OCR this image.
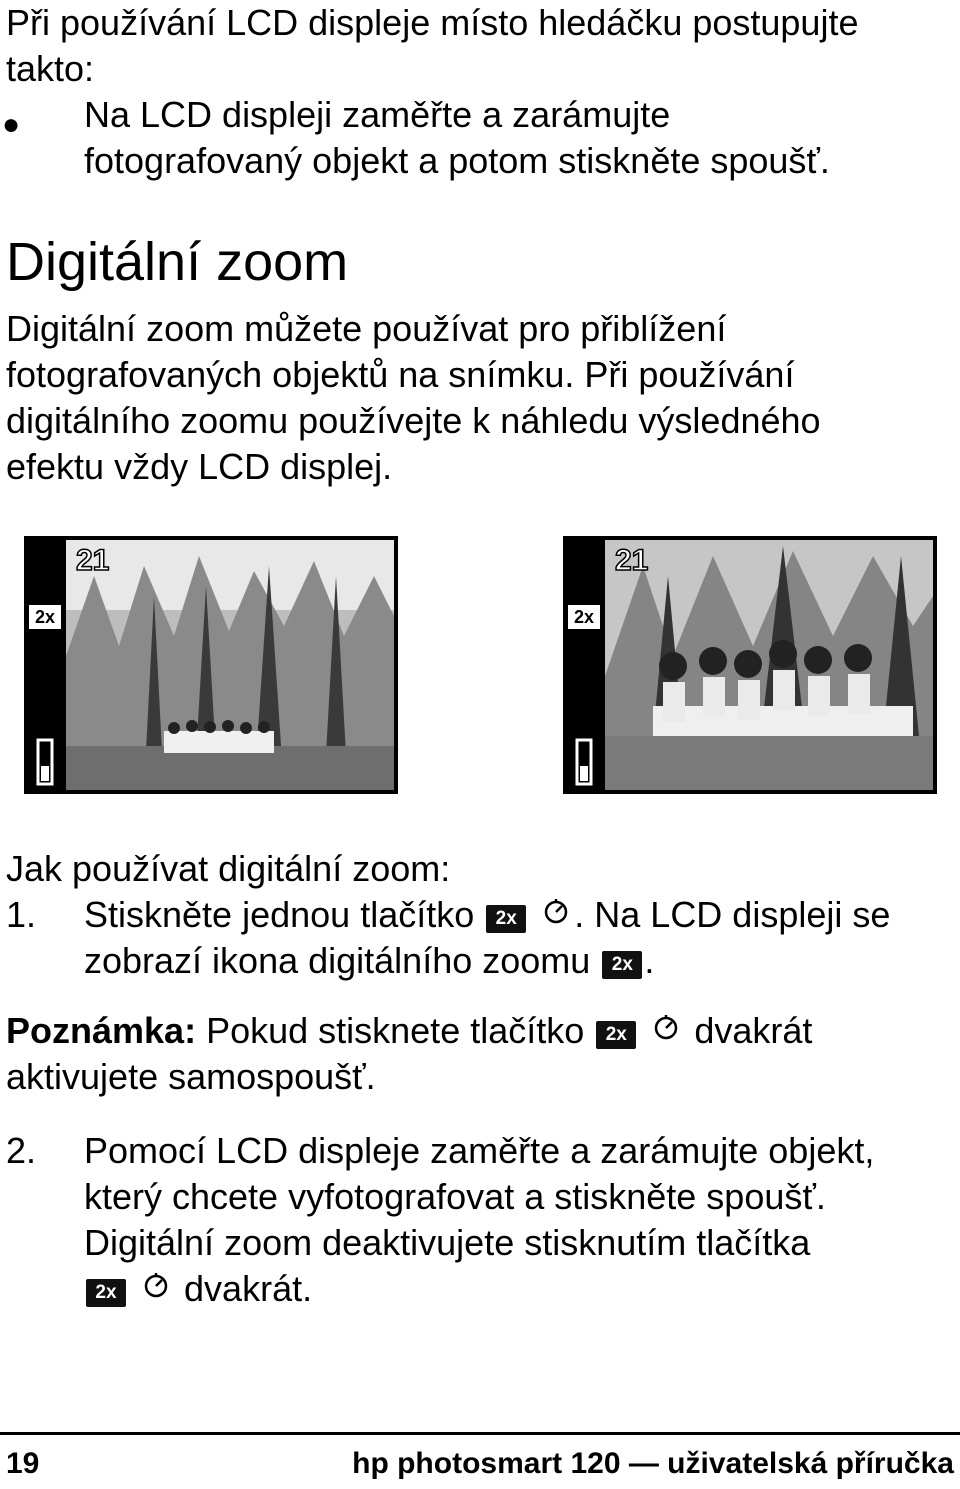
Při používání LCD displeje místo hledáčku postupujte
takto:
● Na LCD displeji zaměřte a zarámujte
fotografovaný objekt a potom stiskněte spoušť.
Digitální zoom
Digitální zoom můžete používat pro přiblížení
fotografovaných objektů na snímku. Při používání
digitálního zoomu používejte k náhledu výsledného
efektu vždy LCD displej.
21
2x
21
2x
Jak používat digitální zoom:
1. Stiskněte jednou tlačítko 2x . Na LCD displeji se
zobrazí ikona digitálního zoomu 2x .
Poznámka: Pokud stisknete tlačítko 2x dvakrát
aktivujete samospoušť.
2. Pomocí LCD displeje zaměřte a zarámujte objekt,
který chcete vyfotografovat a stiskněte spoušť.
Digitální zoom deaktivujete stisknutím tlačítka
2x dvakrát.
19	hp photosmart 120 — uživatelská příručka
